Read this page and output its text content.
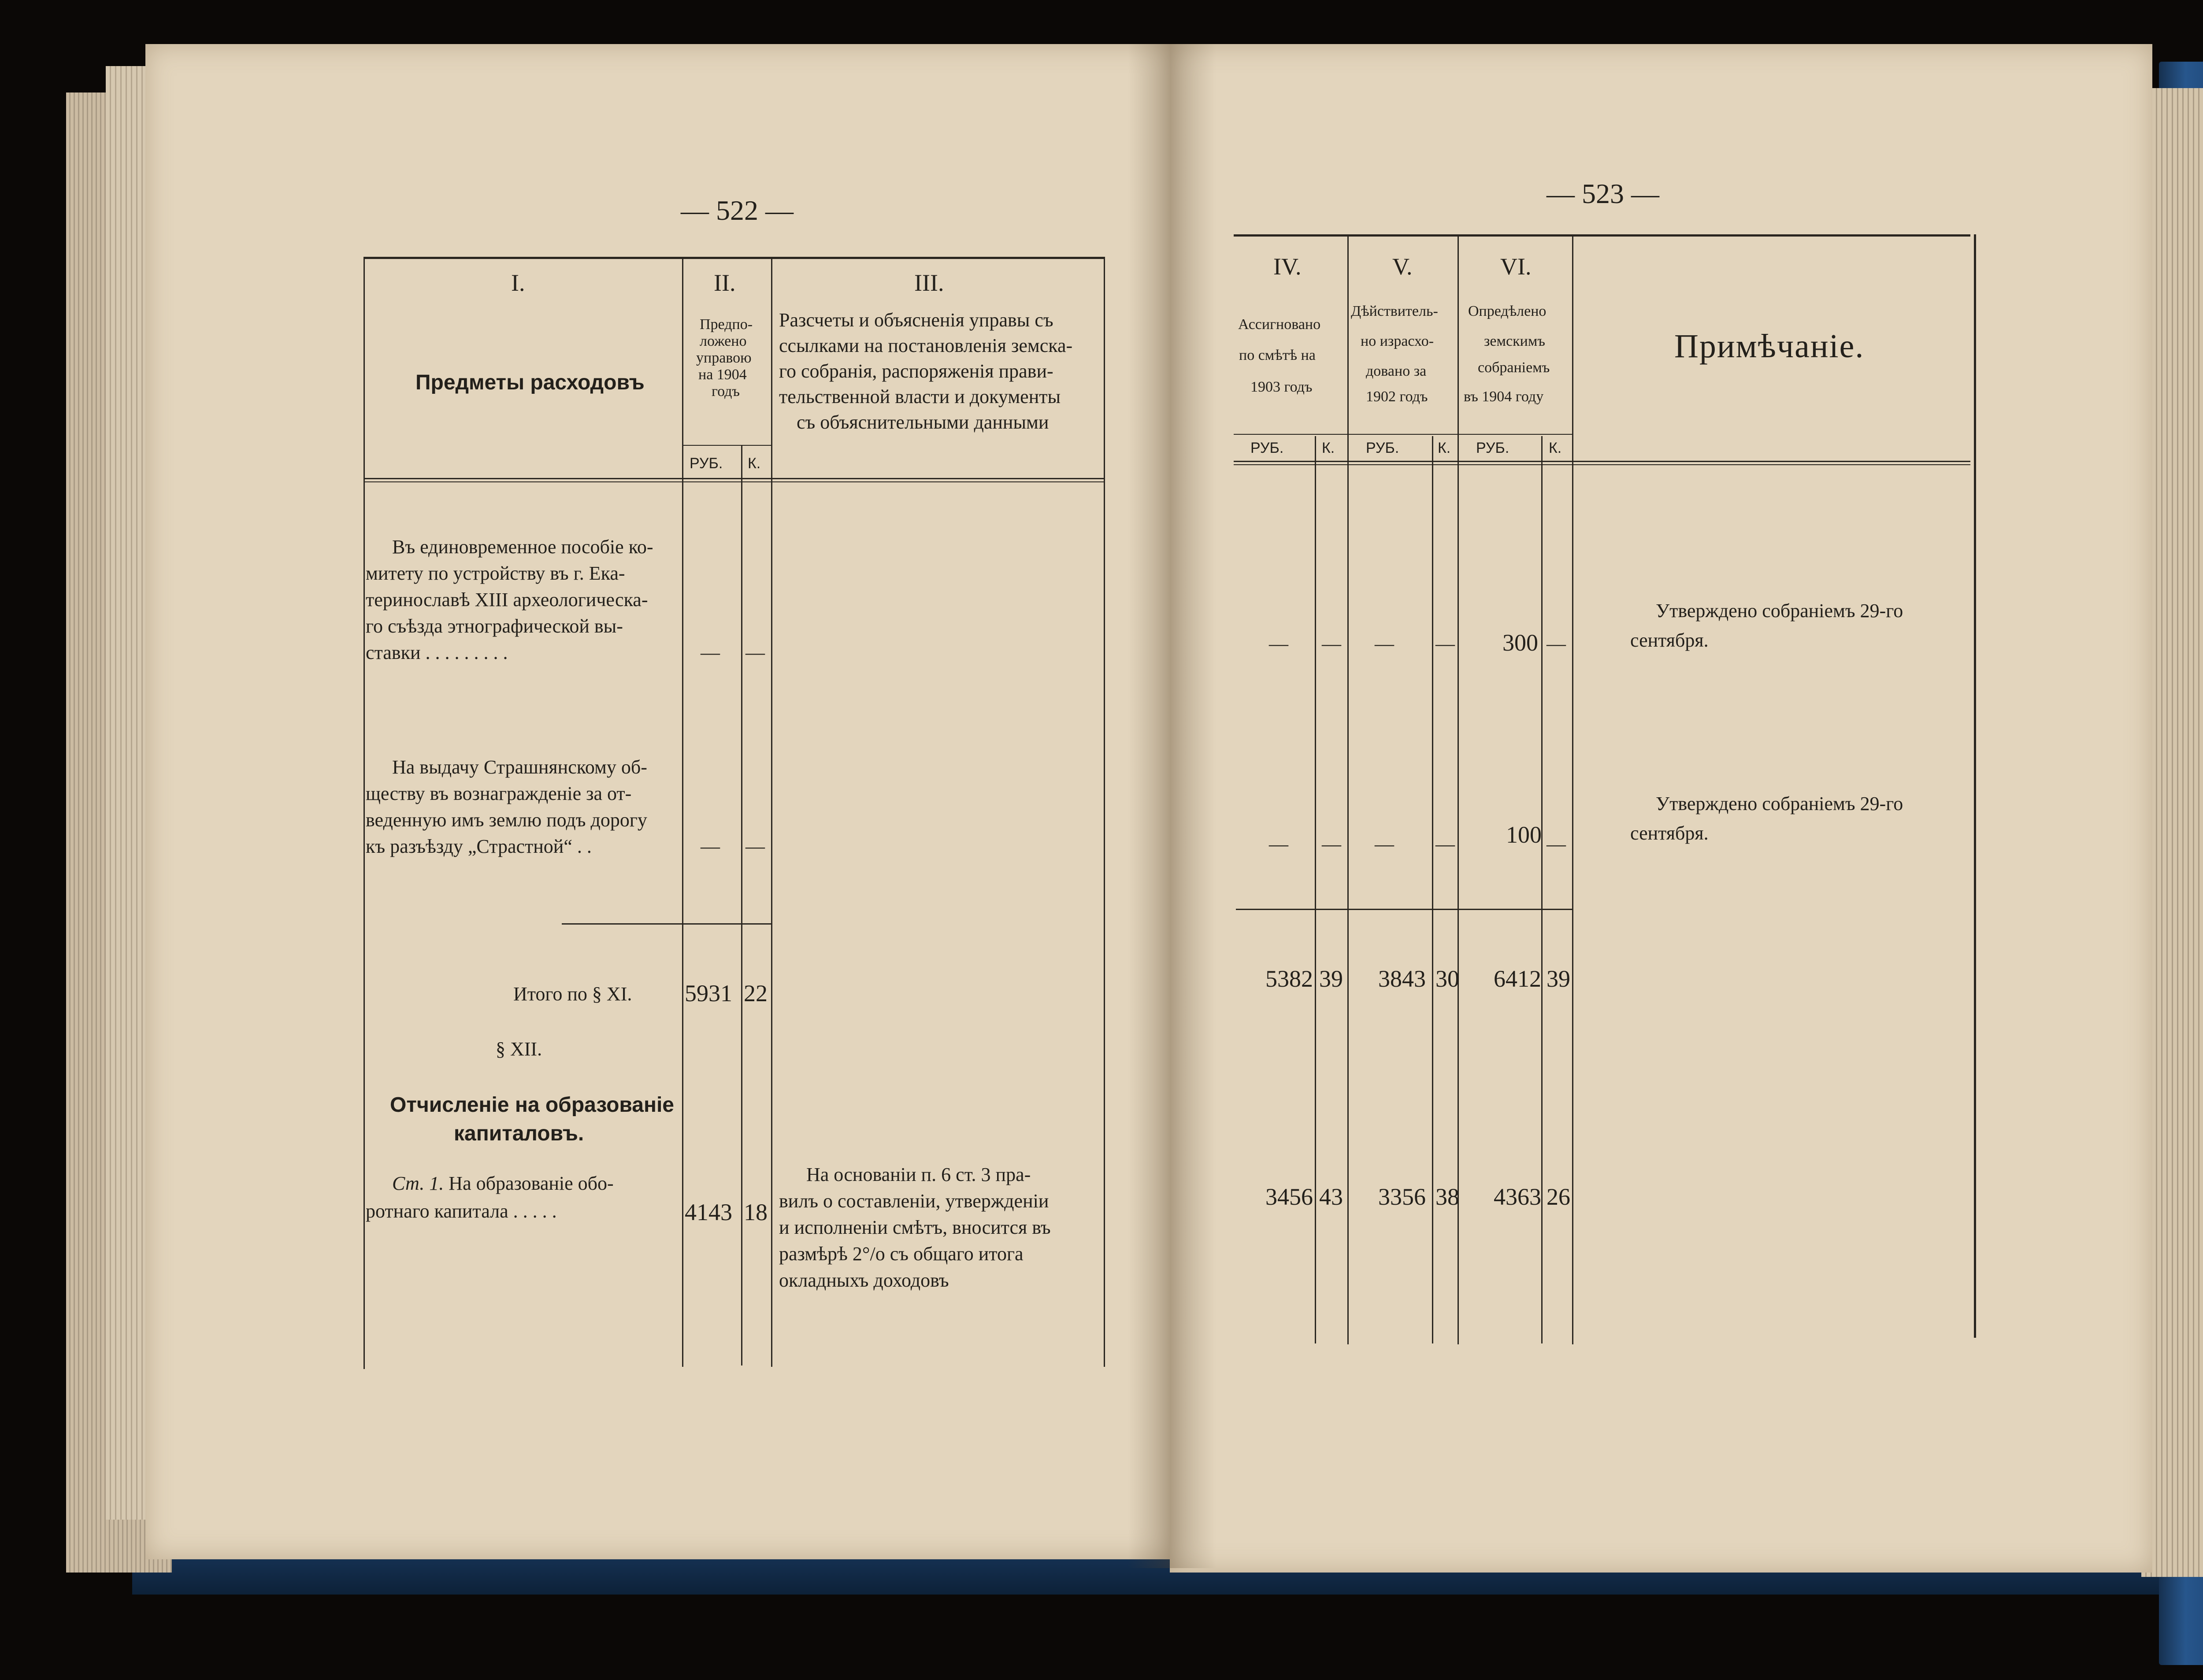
— 522 —
I.
Предметы расходовъ
II.
Предпо-
ложено
управою
на 1904
годъ
РУБ. К.
III.
Разсчеты и объясненія управы съ
ссылками на постановленія земска-
го собранія, распоряженія прави-
тельственной власти и документы
съ объяснительными данными
Въ единовременное пособіе ко-
митету по устройству въ г. Ека-
теринославѣ XIII археологическа-
го съѣзда этнографической вы-
ставки . . . . . . . . .	— —
На выдачу Страшнянскому об-
ществу въ вознагражденіе за от-
веденную имъ землю подъ дорогу
къ разъѣзду „Страстной“ . .	— —
Итого по § XI. 5931 22
§ XII.
Отчисленіе на образованіе
капиталовъ.
Ст. 1. На образованіе обо-
ротнаго капитала . . . . .	4143 18
На основаніи п. 6 ст. 3 пра-
вилъ о составленіи, утвержденіи
и исполненіи смѣтъ, вносится въ
размѣрѣ 2°/о съ общаго итога
окладныхъ доходовъ
— 523 —
IV.
Ассигновано
по смѣтѣ на
1903 годъ
V.
Дѣйствитель-
но израсхо-
довано за
1902 годъ
VI.
Опредѣлено
земскимъ
собраніемъ
въ 1904 году
Примѣчаніе.
РУБ.	К. РУБ.	К. РУБ.	К.
— — — — 300 —
Утверждено собраніемъ 29-го
сентября.
— — — — 100 —
Утверждено собраніемъ 29-го
сентября.
5382 39 3843 30 6412 39
3456 43 3356 38 4363 26
